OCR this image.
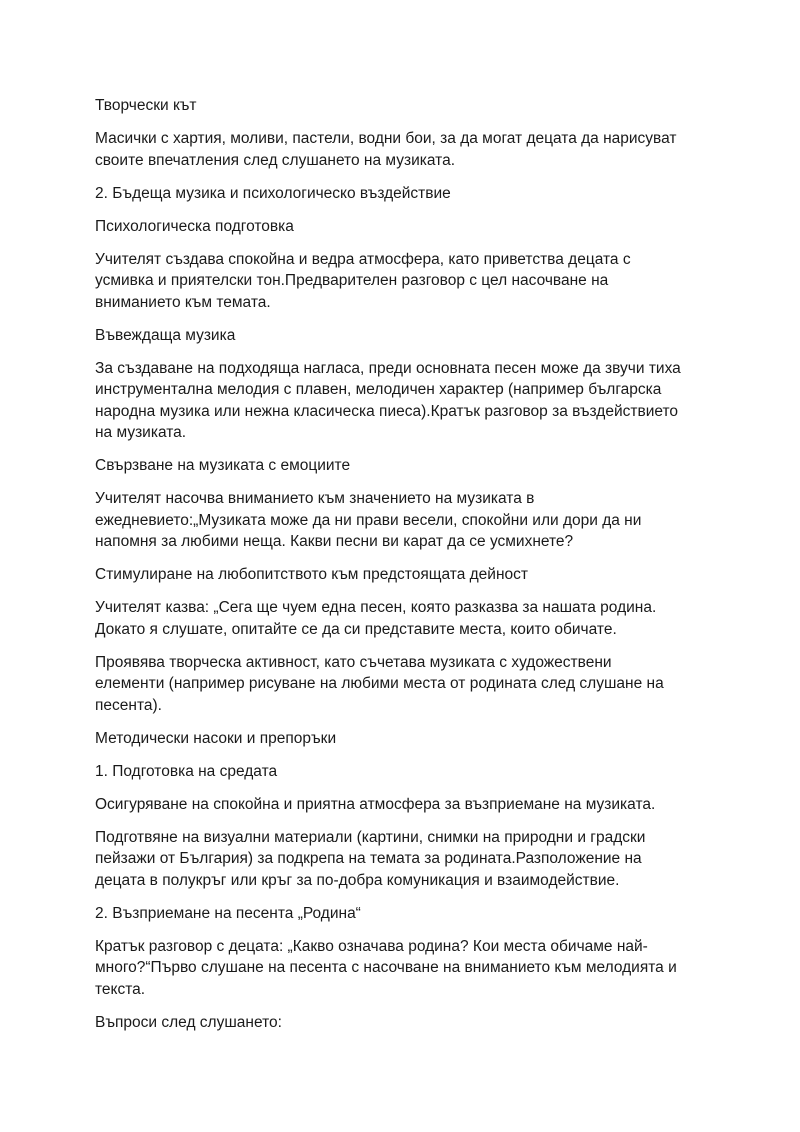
Творчески кът

Масички с хартия, моливи, пастели, водни бои, за да могат децата да нарисуват
своите впечатления след слушането на музиката.

2. Бъдеща музика и психологическо въздействие

Психологическа подготовка

Учителят създава спокойна и ведра атмосфера, като приветства децата с
усмивка и приятелски тон.Предварителен разговор с цел насочване на
вниманието към темата.

Въвеждаща музика

За създаване на подходяща нагласа, преди основната песен може да звучи тиха
инструментална мелодия с плавен, мелодичен характер (например българска
народна музика или нежна класическа пиеса).Кратък разговор за въздействието
на музиката.

Свързване на музиката с емоциите

Учителят насочва вниманието към значението на музиката в
ежедневието:„Музиката може да ни прави весели, спокойни или дори да ни
напомня за любими неща. Какви песни ви карат да се усмихнете?

Стимулиране на любопитството към предстоящата дейност

Учителят казва: „Сега ще чуем една песен, която разказва за нашата родина.
Докато я слушате, опитайте се да си представите места, които обичате.

Проявява творческа активност, като съчетава музиката с художествени
елементи (например рисуване на любими места от родината след слушане на
песента).

Методически насоки и препоръки

1. Подготовка на средата

Осигуряване на спокойна и приятна атмосфера за възприемане на музиката.

Подготвяне на визуални материали (картини, снимки на природни и градски
пейзажи от България) за подкрепа на темата за родината.Разположение на
децата в полукръг или кръг за по-добра комуникация и взаимодействие.

2. Възприемане на песента „Родина“

Кратък разговор с децата: „Какво означава родина? Кои места обичаме най-
много?“Първо слушане на песента с насочване на вниманието към мелодията и
текста.

Въпроси след слушането:
